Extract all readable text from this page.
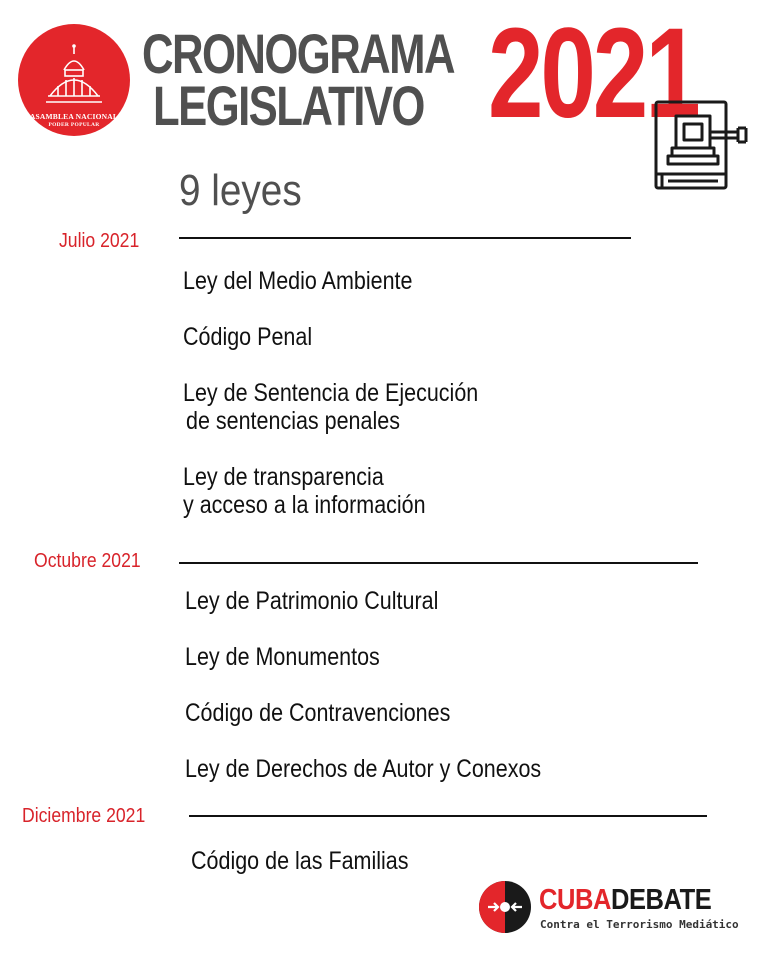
ASAMBLEA NACIONAL
PODER POPULAR
CRONOGRAMA
LEGISLATIVO 2021
9 leyes
Julio 2021
Ley del Medio Ambiente
Código Penal
Ley de Sentencia de Ejecución
de sentencias penales
Ley de transparencia
y acceso a la información
Octubre 2021
Ley de Patrimonio Cultural
Ley de Monumentos
Código de Contravenciones
Ley de Derechos de Autor y Conexos
Diciembre 2021
Código de las Familias
CUBADEBATE
Contra el Terrorismo Mediático
